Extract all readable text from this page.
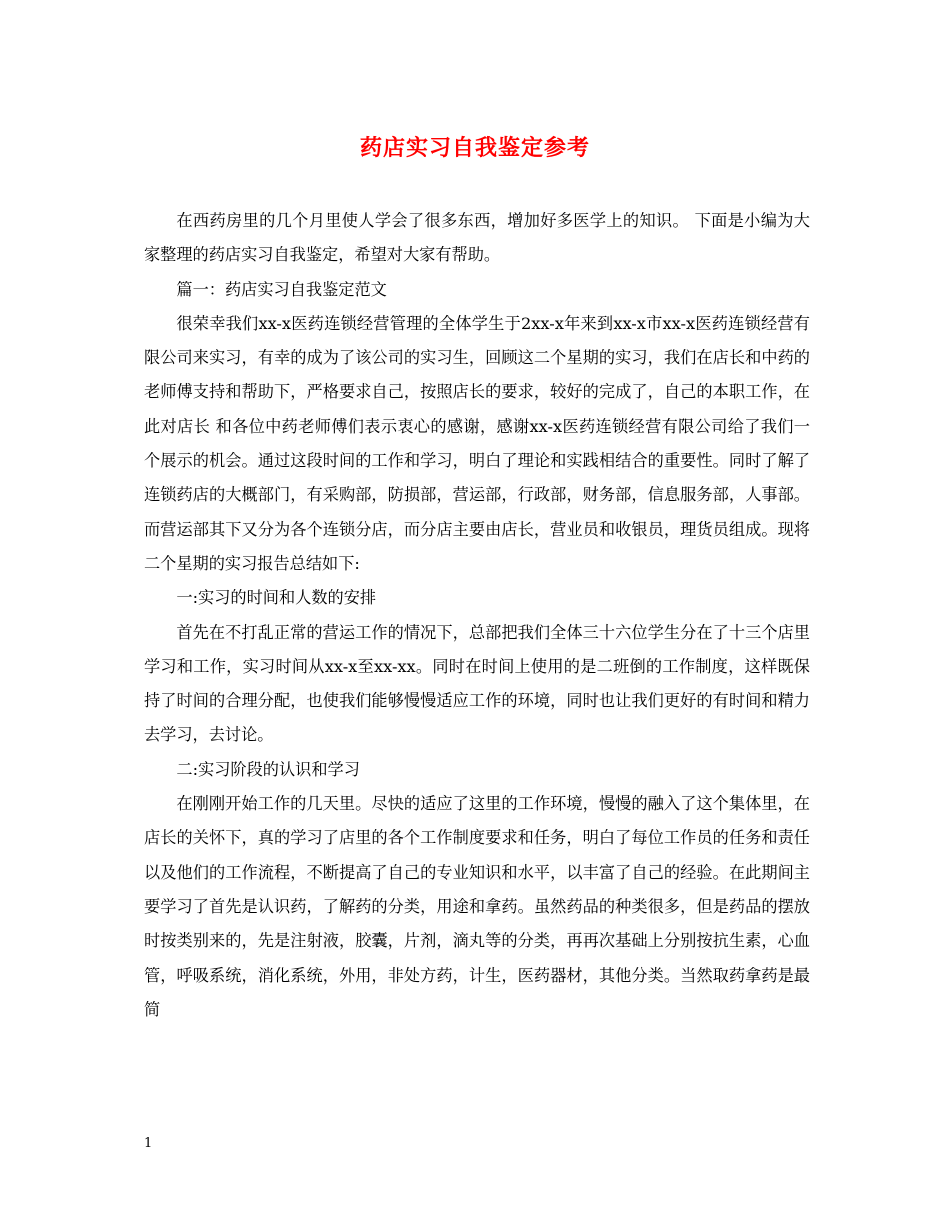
药店实习自我鉴定参考

在西药房里的几个月里使人学会了很多东西，增加好多医学上的知识。 下面是小编为大家整理的药店实习自我鉴定，希望对大家有帮助。

篇一：药店实习自我鉴定范文

很荣幸我们xx-x医药连锁经营管理的全体学生于2xx-x年来到xx-x市xx-x医药连锁经营有限公司来实习，有幸的成为了该公司的实习生，回顾这二个星期的实习，我们在店长和中药的老师傅支持和帮助下，严格要求自己，按照店长的要求，较好的完成了，自己的本职工作，在此对店长 和各位中药老师傅们表示衷心的感谢，感谢xx-x医药连锁经营有限公司给了我们一个展示的机会。通过这段时间的工作和学习，明白了理论和实践相结合的重要性。同时了解了连锁药店的大概部门，有采购部，防损部，营运部，行政部，财务部，信息服务部，人事部。而营运部其下又分为各个连锁分店，而分店主要由店长，营业员和收银员，理货员组成。现将二个星期的实习报告总结如下:

一:实习的时间和人数的安排

首先在不打乱正常的营运工作的情况下，总部把我们全体三十六位学生分在了十三个店里学习和工作，实习时间从xx-x至xx-xx。同时在时间上使用的是二班倒的工作制度，这样既保持了时间的合理分配，也使我们能够慢慢适应工作的环境，同时也让我们更好的有时间和精力去学习，去讨论。

二:实习阶段的认识和学习

在刚刚开始工作的几天里。尽快的适应了这里的工作环境，慢慢的融入了这个集体里，在店长的关怀下，真的学习了店里的各个工作制度要求和任务，明白了每位工作员的任务和责任以及他们的工作流程，不断提高了自己的专业知识和水平，以丰富了自己的经验。在此期间主要学习了首先是认识药，了解药的分类，用途和拿药。虽然药品的种类很多，但是药品的摆放时按类别来的，先是注射液，胶囊，片剂，滴丸等的分类，再再次基础上分别按抗生素，心血管，呼吸系统，消化系统，外用，非处方药，计生，医药器材，其他分类。当然取药拿药是最简

1
